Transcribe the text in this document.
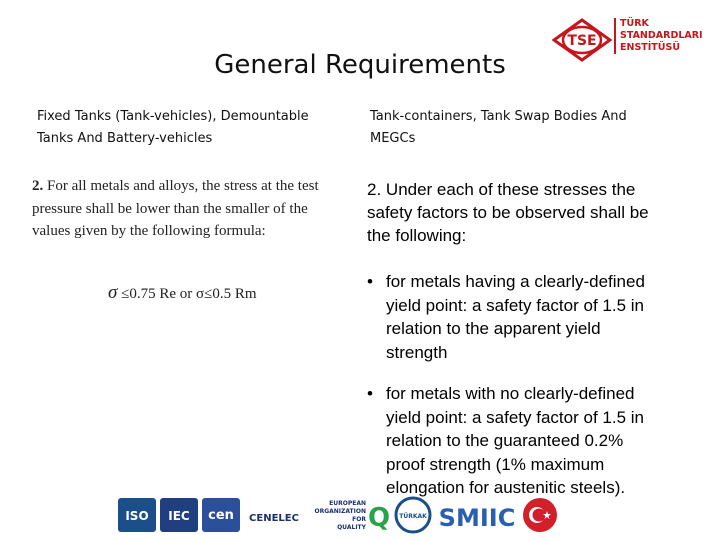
General Requirements
TSE
TÜRK
STANDARDLARI
ENSTİTÜSÜ
Fixed Tanks (Tank-vehicles), Demountable
Tanks And Battery-vehicles
Tank-containers, Tank Swap Bodies And
MEGCs
2. For all metals and alloys, the stress at the test
pressure shall be lower than the smaller of the
values given by the following formula:
σ ≤0.75 Re or σ≤0.5 Rm
2. Under each of these stresses the
safety factors to be observed shall be
the following:
• for metals having a clearly-defined
yield point: a safety factor of 1.5 in
relation to the apparent yield
strength
• for metals with no clearly-defined
yield point: a safety factor of 1.5 in
relation to the guaranteed 0.2%
proof strength (1% maximum
elongation for austenitic steels).
ISO IEC cen CENELEC
EUROPEAN
ORGANIZATION
FOR
QUALITY Q TÜRKAK SMIIC
